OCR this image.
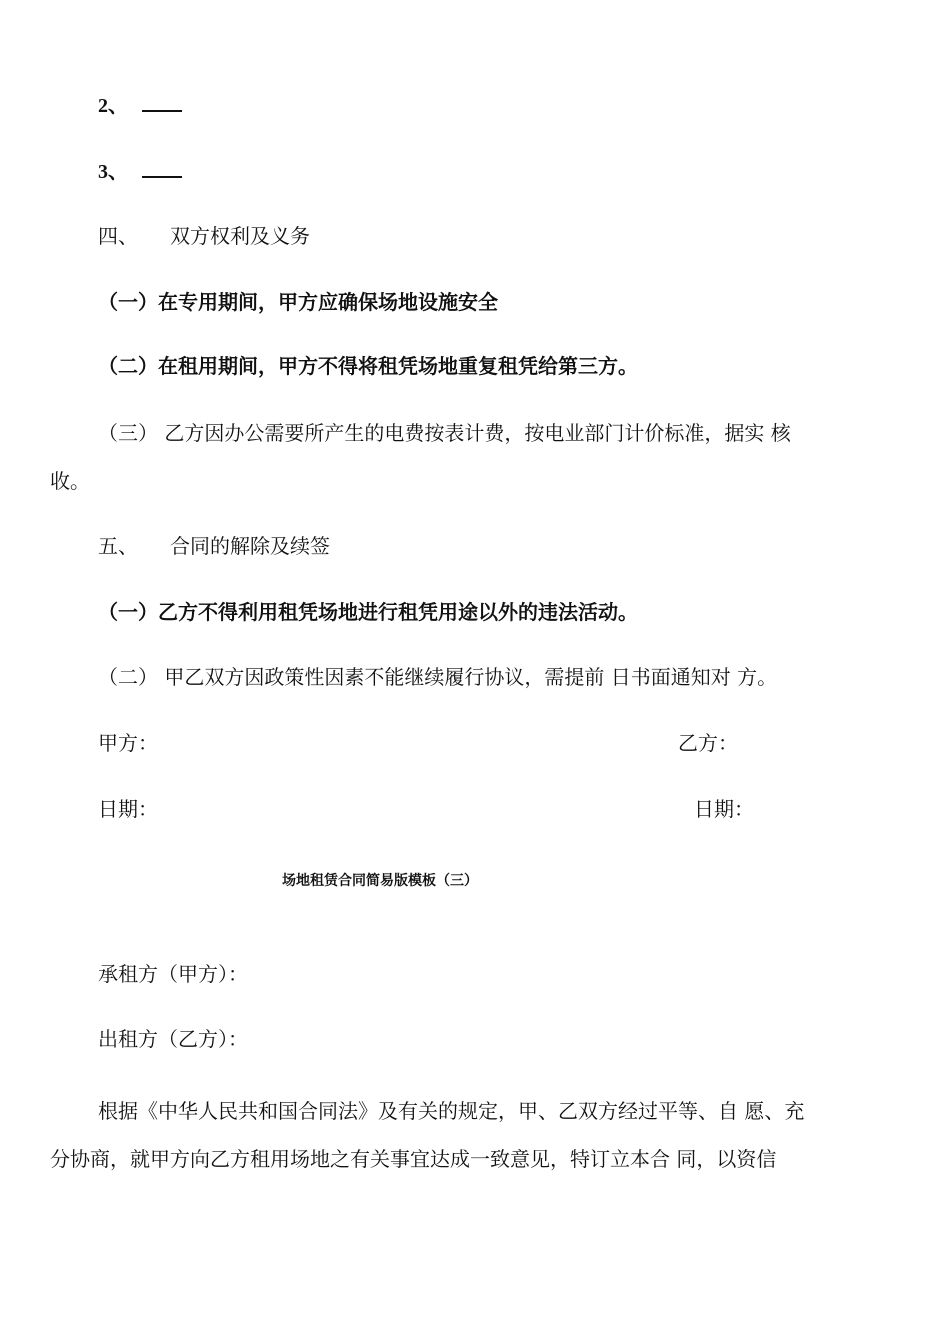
2、
3、
四、 双方权利及义务
（一）在专用期间，甲方应确保场地设施安全
（二）在租用期间，甲方不得将租凭场地重复租凭给第三方。
（三） 乙方因办公需要所产生的电费按表计费，按电业部门计价标准，据实 核
收。
五、 合同的解除及续签
（一）乙方不得利用租凭场地进行租凭用途以外的违法活动。
（二） 甲乙双方因政策性因素不能继续履行协议，需提前 日书面通知对 方。
甲方：	乙方：
日期：	日期：
场地租赁合同简易版模板（三）
承租方（甲方）：
出租方（乙方）：
根据《中华人民共和国合同法》及有关的规定，甲、乙双方经过平等、自 愿、充
分协商，就甲方向乙方租用场地之有关事宜达成一致意见，特订立本合 同，以资信
